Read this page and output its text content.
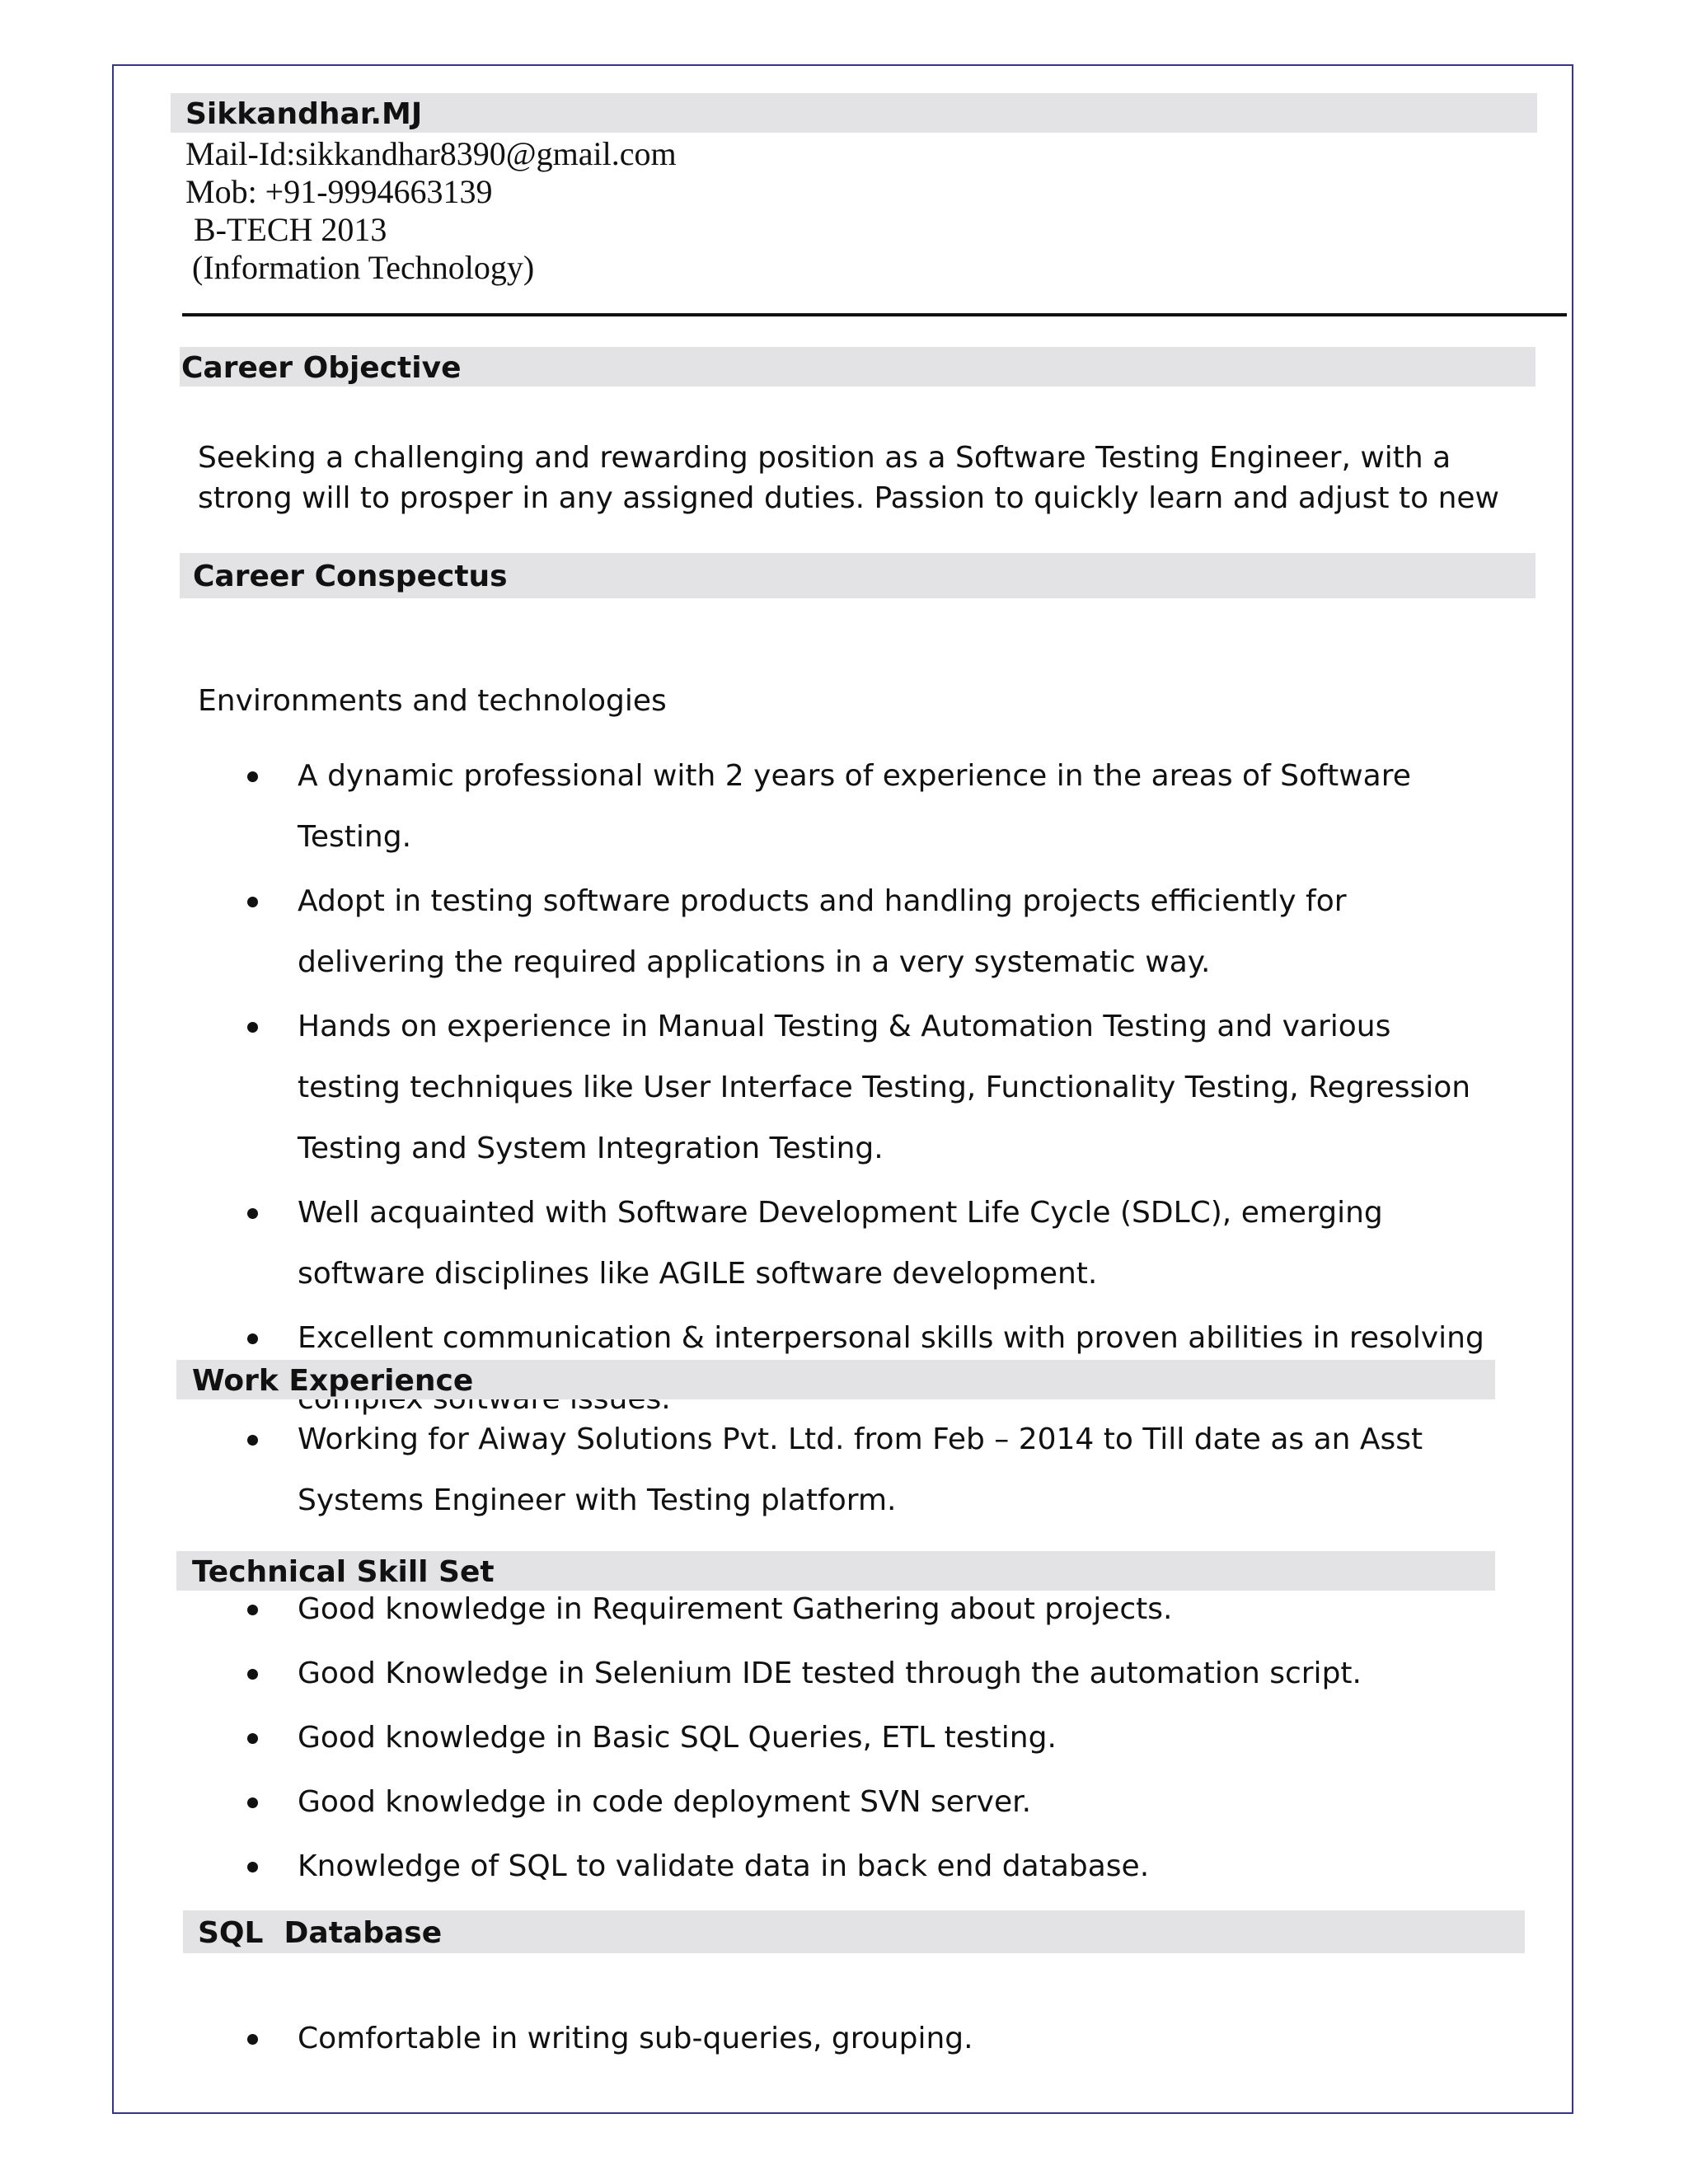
Sikkandhar.MJ
Mail-Id:sikkandhar8390@gmail.com
Mob: +91-9994663139
B-TECH 2013
(Information Technology)
Career Objective
Seeking a challenging and rewarding position as a Software Testing Engineer, with a strong will to prosper in any assigned duties. Passion to quickly learn and adjust to new
Career Conspectus
Environments and technologies
A dynamic professional with 2 years of experience in the areas of Software Testing.
Adopt in testing software products and handling projects efficiently for delivering the required applications in a very systematic way.
Hands on experience in Manual Testing & Automation Testing and various testing techniques like User Interface Testing, Functionality Testing, Regression Testing and System Integration Testing.
Well acquainted with Software Development Life Cycle (SDLC), emerging software disciplines like AGILE software development.
Excellent communication & interpersonal skills with proven abilities in resolving
Work Experience
Working for Aiway Solutions Pvt. Ltd. from Feb – 2014 to Till date as an Asst Systems Engineer with Testing platform.
Technical Skill Set
Good knowledge in Requirement Gathering about projects.
Good Knowledge in Selenium IDE tested through the automation script.
Good knowledge in Basic SQL Queries, ETL testing.
Good knowledge in code deployment SVN server.
Knowledge of SQL to validate data in back end database.
SQL  Database
Comfortable in writing sub-queries, grouping.
